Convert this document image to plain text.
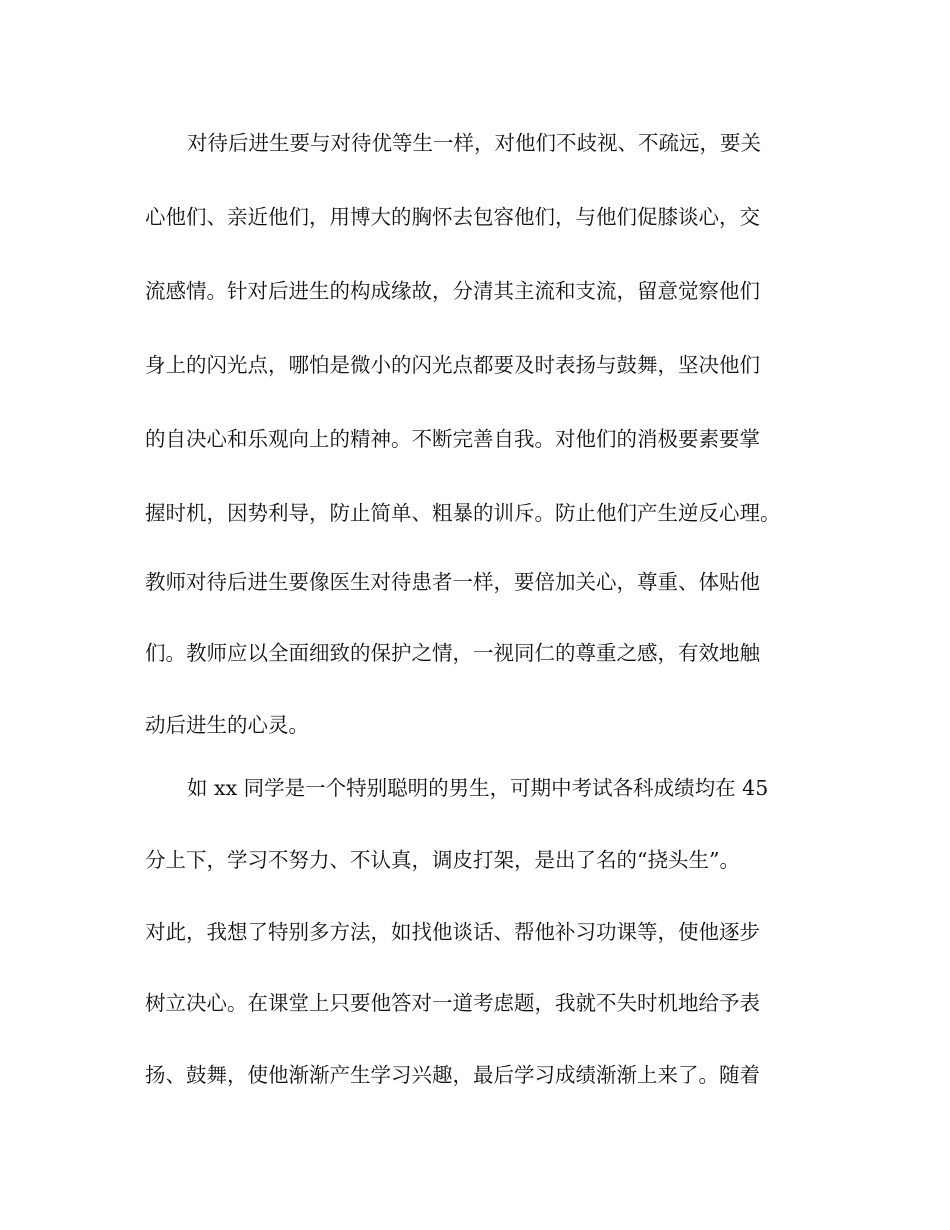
对待后进生要与对待优等生一样，对他们不歧视、不疏远，要关

心他们、亲近他们，用博大的胸怀去包容他们，与他们促膝谈心，交

流感情。针对后进生的构成缘故，分清其主流和支流，留意觉察他们

身上的闪光点，哪怕是微小的闪光点都要及时表扬与鼓舞，坚决他们

的自决心和乐观向上的精神。不断完善自我。对他们的消极要素要掌

握时机，因势利导，防止简单、粗暴的训斥。防止他们产生逆反心理。

教师对待后进生要像医生对待患者一样，要倍加关心，尊重、体贴他

们。教师应以全面细致的保护之情，一视同仁的尊重之感，有效地触

动后进生的心灵。

如 xx 同学是一个特别聪明的男生，可期中考试各科成绩均在 45

分上下，学习不努力、不认真，调皮打架，是出了名的“挠头生”。

对此，我想了特别多方法，如找他谈话、帮他补习功课等，使他逐步

树立决心。在课堂上只要他答对一道考虑题，我就不失时机地给予表

扬、鼓舞，使他渐渐产生学习兴趣，最后学习成绩渐渐上来了。随着
